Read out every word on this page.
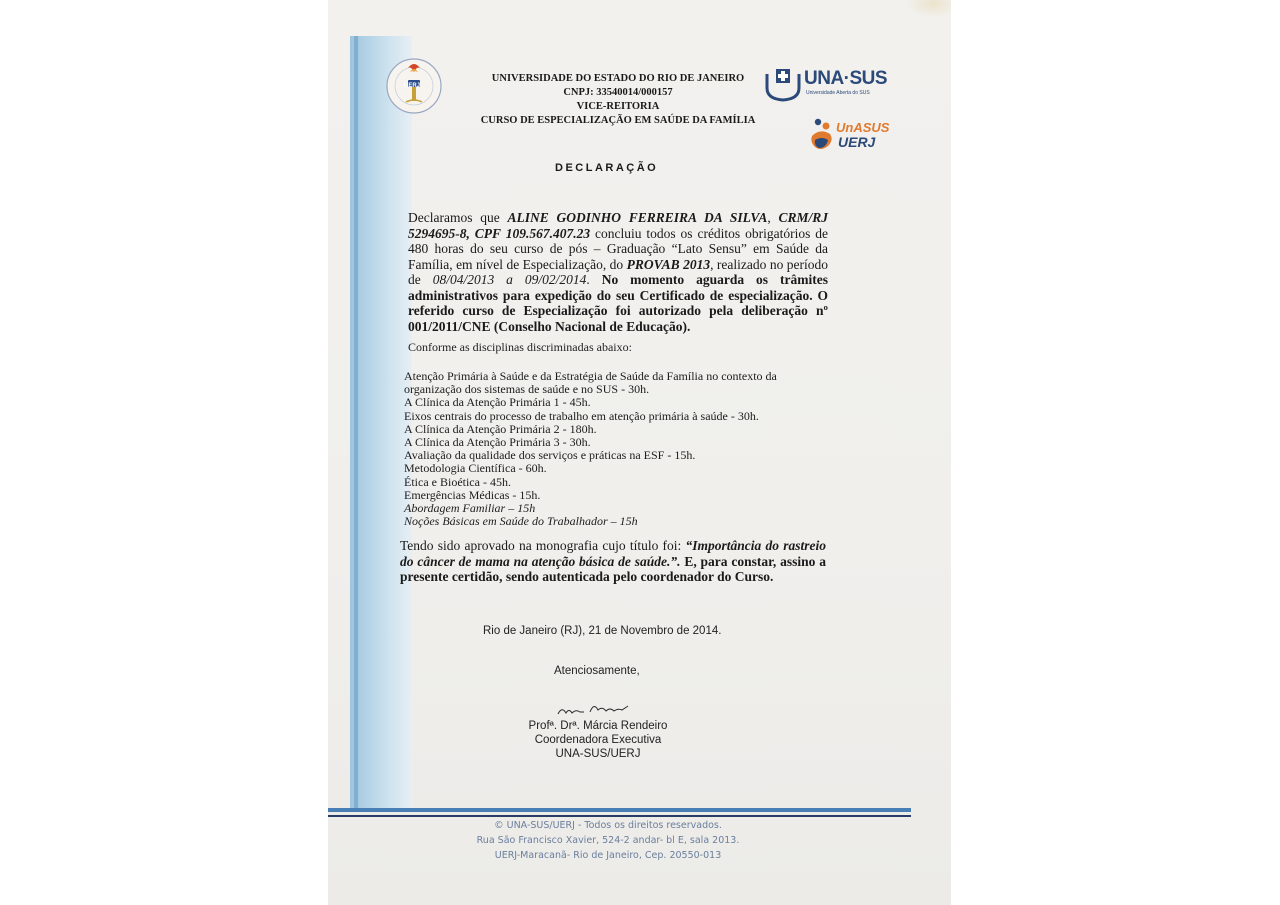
UERJ
UNIVERSIDADE DO ESTADO DO RIO DE JANEIRO
CNPJ: 33540014/000157
VICE-REITORIA
CURSO DE ESPECIALIZAÇÃO EM SAÚDE DA FAMÍLIA
UNA·SUS
Universidade Aberta do SUS
UnASUS
UERJ
DECLARAÇÃO
Declaramos que ALINE GODINHO FERREIRA DA SILVA, CRM/RJ 5294695-8, CPF 109.567.407.23 concluiu todos os créditos obrigatórios de 480 horas do seu curso de pós – Graduação “Lato Sensu” em Saúde da Família, em nível de Especialização, do PROVAB 2013, realizado no período de 08/04/2013 a 09/02/2014. No momento aguarda os trâmites administrativos para expedição do seu Certificado de especialização. O referido curso de Especialização foi autorizado pela deliberação nº 001/2011/CNE (Conselho Nacional de Educação).
Conforme as disciplinas discriminadas abaixo:
Atenção Primária à Saúde e da Estratégia de Saúde da Família no contexto da organização dos sistemas de saúde e no SUS - 30h.
A Clínica da Atenção Primária 1 - 45h.
Eixos centrais do processo de trabalho em atenção primária à saúde - 30h.
A Clínica da Atenção Primária 2 - 180h.
A Clínica da Atenção Primária 3 - 30h.
Avaliação da qualidade dos serviços e práticas na ESF - 15h.
Metodologia Científica - 60h.
Ética e Bioética - 45h.
Emergências Médicas - 15h.
Abordagem Familiar – 15h
Noções Básicas em Saúde do Trabalhador – 15h
Tendo sido aprovado na monografia cujo título foi: “Importância do rastreio do câncer de mama na atenção básica de saúde.”. E, para constar, assino a presente certidão, sendo autenticada pelo coordenador do Curso.
Rio de Janeiro (RJ), 21 de Novembro de 2014.
Atenciosamente,
Profª. Drª. Márcia Rendeiro
Coordenadora Executiva
UNA-SUS/UERJ
© UNA-SUS/UERJ - Todos os direitos reservados.
Rua São Francisco Xavier, 524-2 andar- bl E, sala 2013.
UERJ-Maracanã- Rio de Janeiro, Cep. 20550-013
